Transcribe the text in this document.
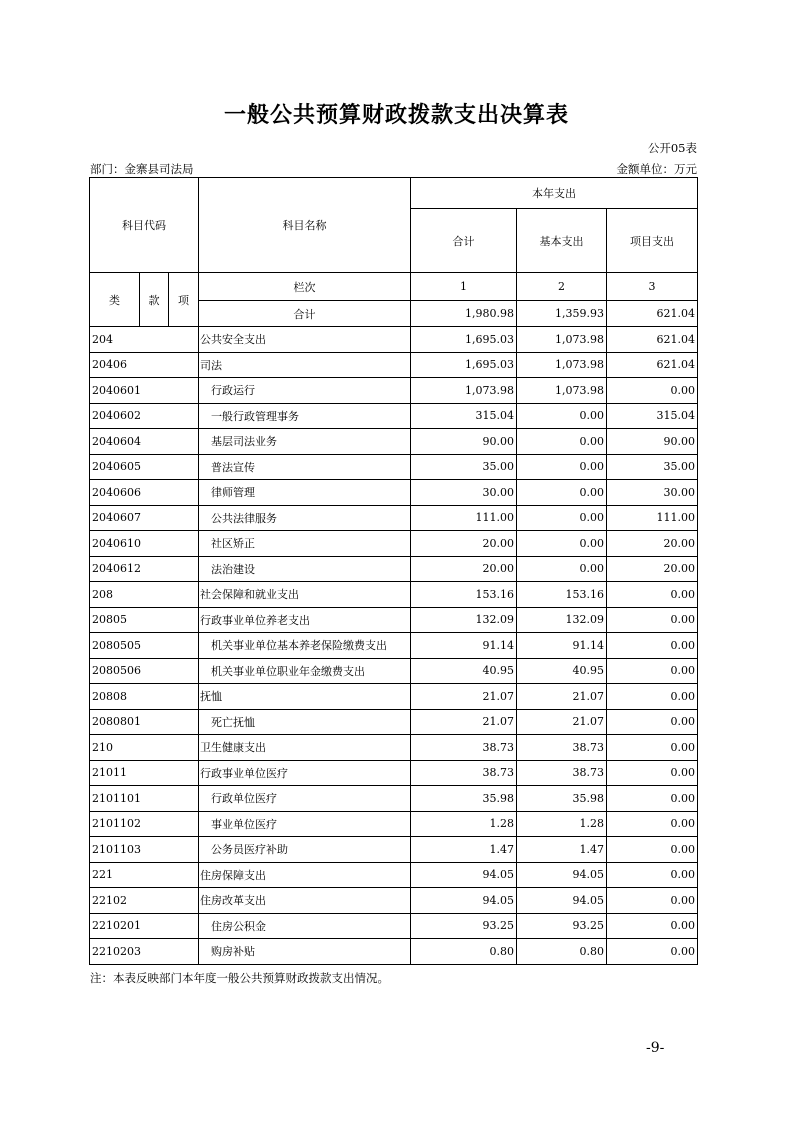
一般公共预算财政拨款支出决算表
公开05表
部门：金寨县司法局	金额单位：万元
科目代码			科目名称	本年支出		
				合计	基本支出	项目支出
类	款	项	栏次	1	2	3
			合计	1,980.98	1,359.93	621.04
204			公共安全支出	1,695.03	1,073.98	621.04
20406			司法	1,695.03	1,073.98	621.04
2040601			行政运行	1,073.98	1,073.98	0.00
2040602			一般行政管理事务	315.04	0.00	315.04
2040604			基层司法业务	90.00	0.00	90.00
2040605			普法宣传	35.00	0.00	35.00
2040606			律师管理	30.00	0.00	30.00
2040607			公共法律服务	111.00	0.00	111.00
2040610			社区矫正	20.00	0.00	20.00
2040612			法治建设	20.00	0.00	20.00
208			社会保障和就业支出	153.16	153.16	0.00
20805			行政事业单位养老支出	132.09	132.09	0.00
2080505			机关事业单位基本养老保险缴费支出	91.14	91.14	0.00
2080506			机关事业单位职业年金缴费支出	40.95	40.95	0.00
20808			抚恤	21.07	21.07	0.00
2080801			死亡抚恤	21.07	21.07	0.00
210			卫生健康支出	38.73	38.73	0.00
21011			行政事业单位医疗	38.73	38.73	0.00
2101101			行政单位医疗	35.98	35.98	0.00
2101102			事业单位医疗	1.28	1.28	0.00
2101103			公务员医疗补助	1.47	1.47	0.00
221			住房保障支出	94.05	94.05	0.00
22102			住房改革支出	94.05	94.05	0.00
2210201			住房公积金	93.25	93.25	0.00
2210203			购房补贴	0.80	0.80	0.00
注：本表反映部门本年度一般公共预算财政拨款支出情况。
-9-
